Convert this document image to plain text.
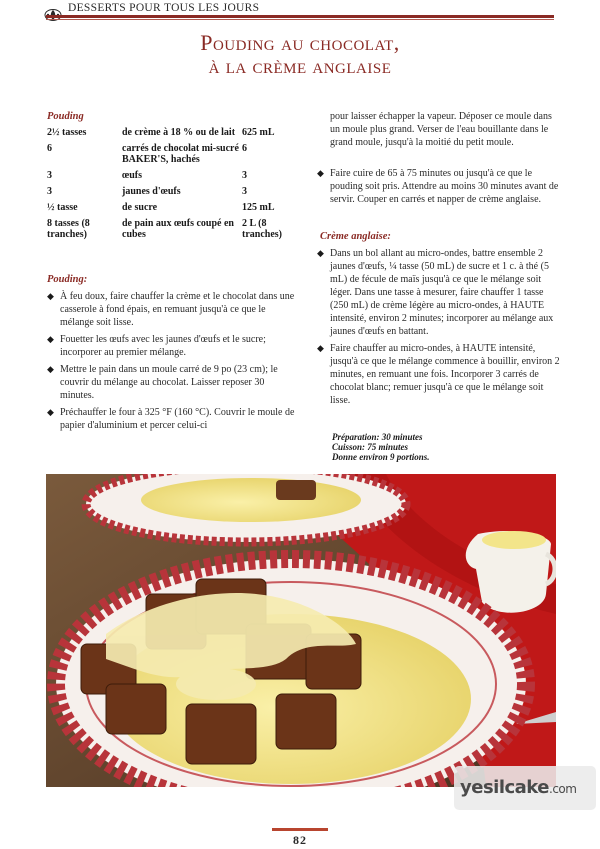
DESSERTS POUR TOUS LES JOURS
Pouding au chocolat,
à la crème anglaise
Pouding
2½ tasses	de crème à 18 % ou de lait	625 mL
6	carrés de chocolat mi-sucré BAKER'S, hachés	6
3	œufs	3
3	jaunes d'œufs	3
½ tasse	de sucre	125 mL
8 tasses (8 tranches)	de pain aux œufs coupé en cubes	2 L (8 tranches)
Pouding:
◆ À feu doux, faire chauffer la crème et le chocolat dans une casserole à fond épais, en remuant jusqu'à ce que le mélange soit lisse.
◆ Fouetter les œufs avec les jaunes d'œufs et le sucre; incorporer au premier mélange.
◆ Mettre le pain dans un moule carré de 9 po (23 cm); le couvrir du mélange au chocolat. Laisser reposer 30 minutes.
◆ Préchauffer le four à 325 °F (160 °C). Couvrir le moule de papier d'aluminium et percer celui-ci
pour laisser échapper la vapeur. Déposer ce moule dans un moule plus grand. Verser de l'eau bouillante dans le grand moule, jusqu'à la moitié du petit moule.
◆ Faire cuire de 65 à 75 minutes ou jusqu'à ce que le pouding soit pris. Attendre au moins 30 minutes avant de servir. Couper en carrés et napper de crème anglaise.
Crème anglaise:
◆ Dans un bol allant au micro-ondes, battre ensemble 2 jaunes d'œufs, ¼ tasse (50 mL) de sucre et 1 c. à thé (5 mL) de fécule de maïs jusqu'à ce que le mélange soit léger. Dans une tasse à mesurer, faire chauffer 1 tasse (250 mL) de crème légère au micro-ondes, à HAUTE intensité, environ 2 minutes; incorporer au mélange aux jaunes d'œufs en battant.
◆ Faire chauffer au micro-ondes, à HAUTE intensité, jusqu'à ce que le mélange commence à bouillir, environ 2 minutes, en remuant une fois. Incorporer 3 carrés de chocolat blanc; remuer jusqu'à ce que le mélange soit lisse.
Préparation: 30 minutes
Cuisson: 75 minutes
Donne environ 9 portions.
yesilcake.com
82
